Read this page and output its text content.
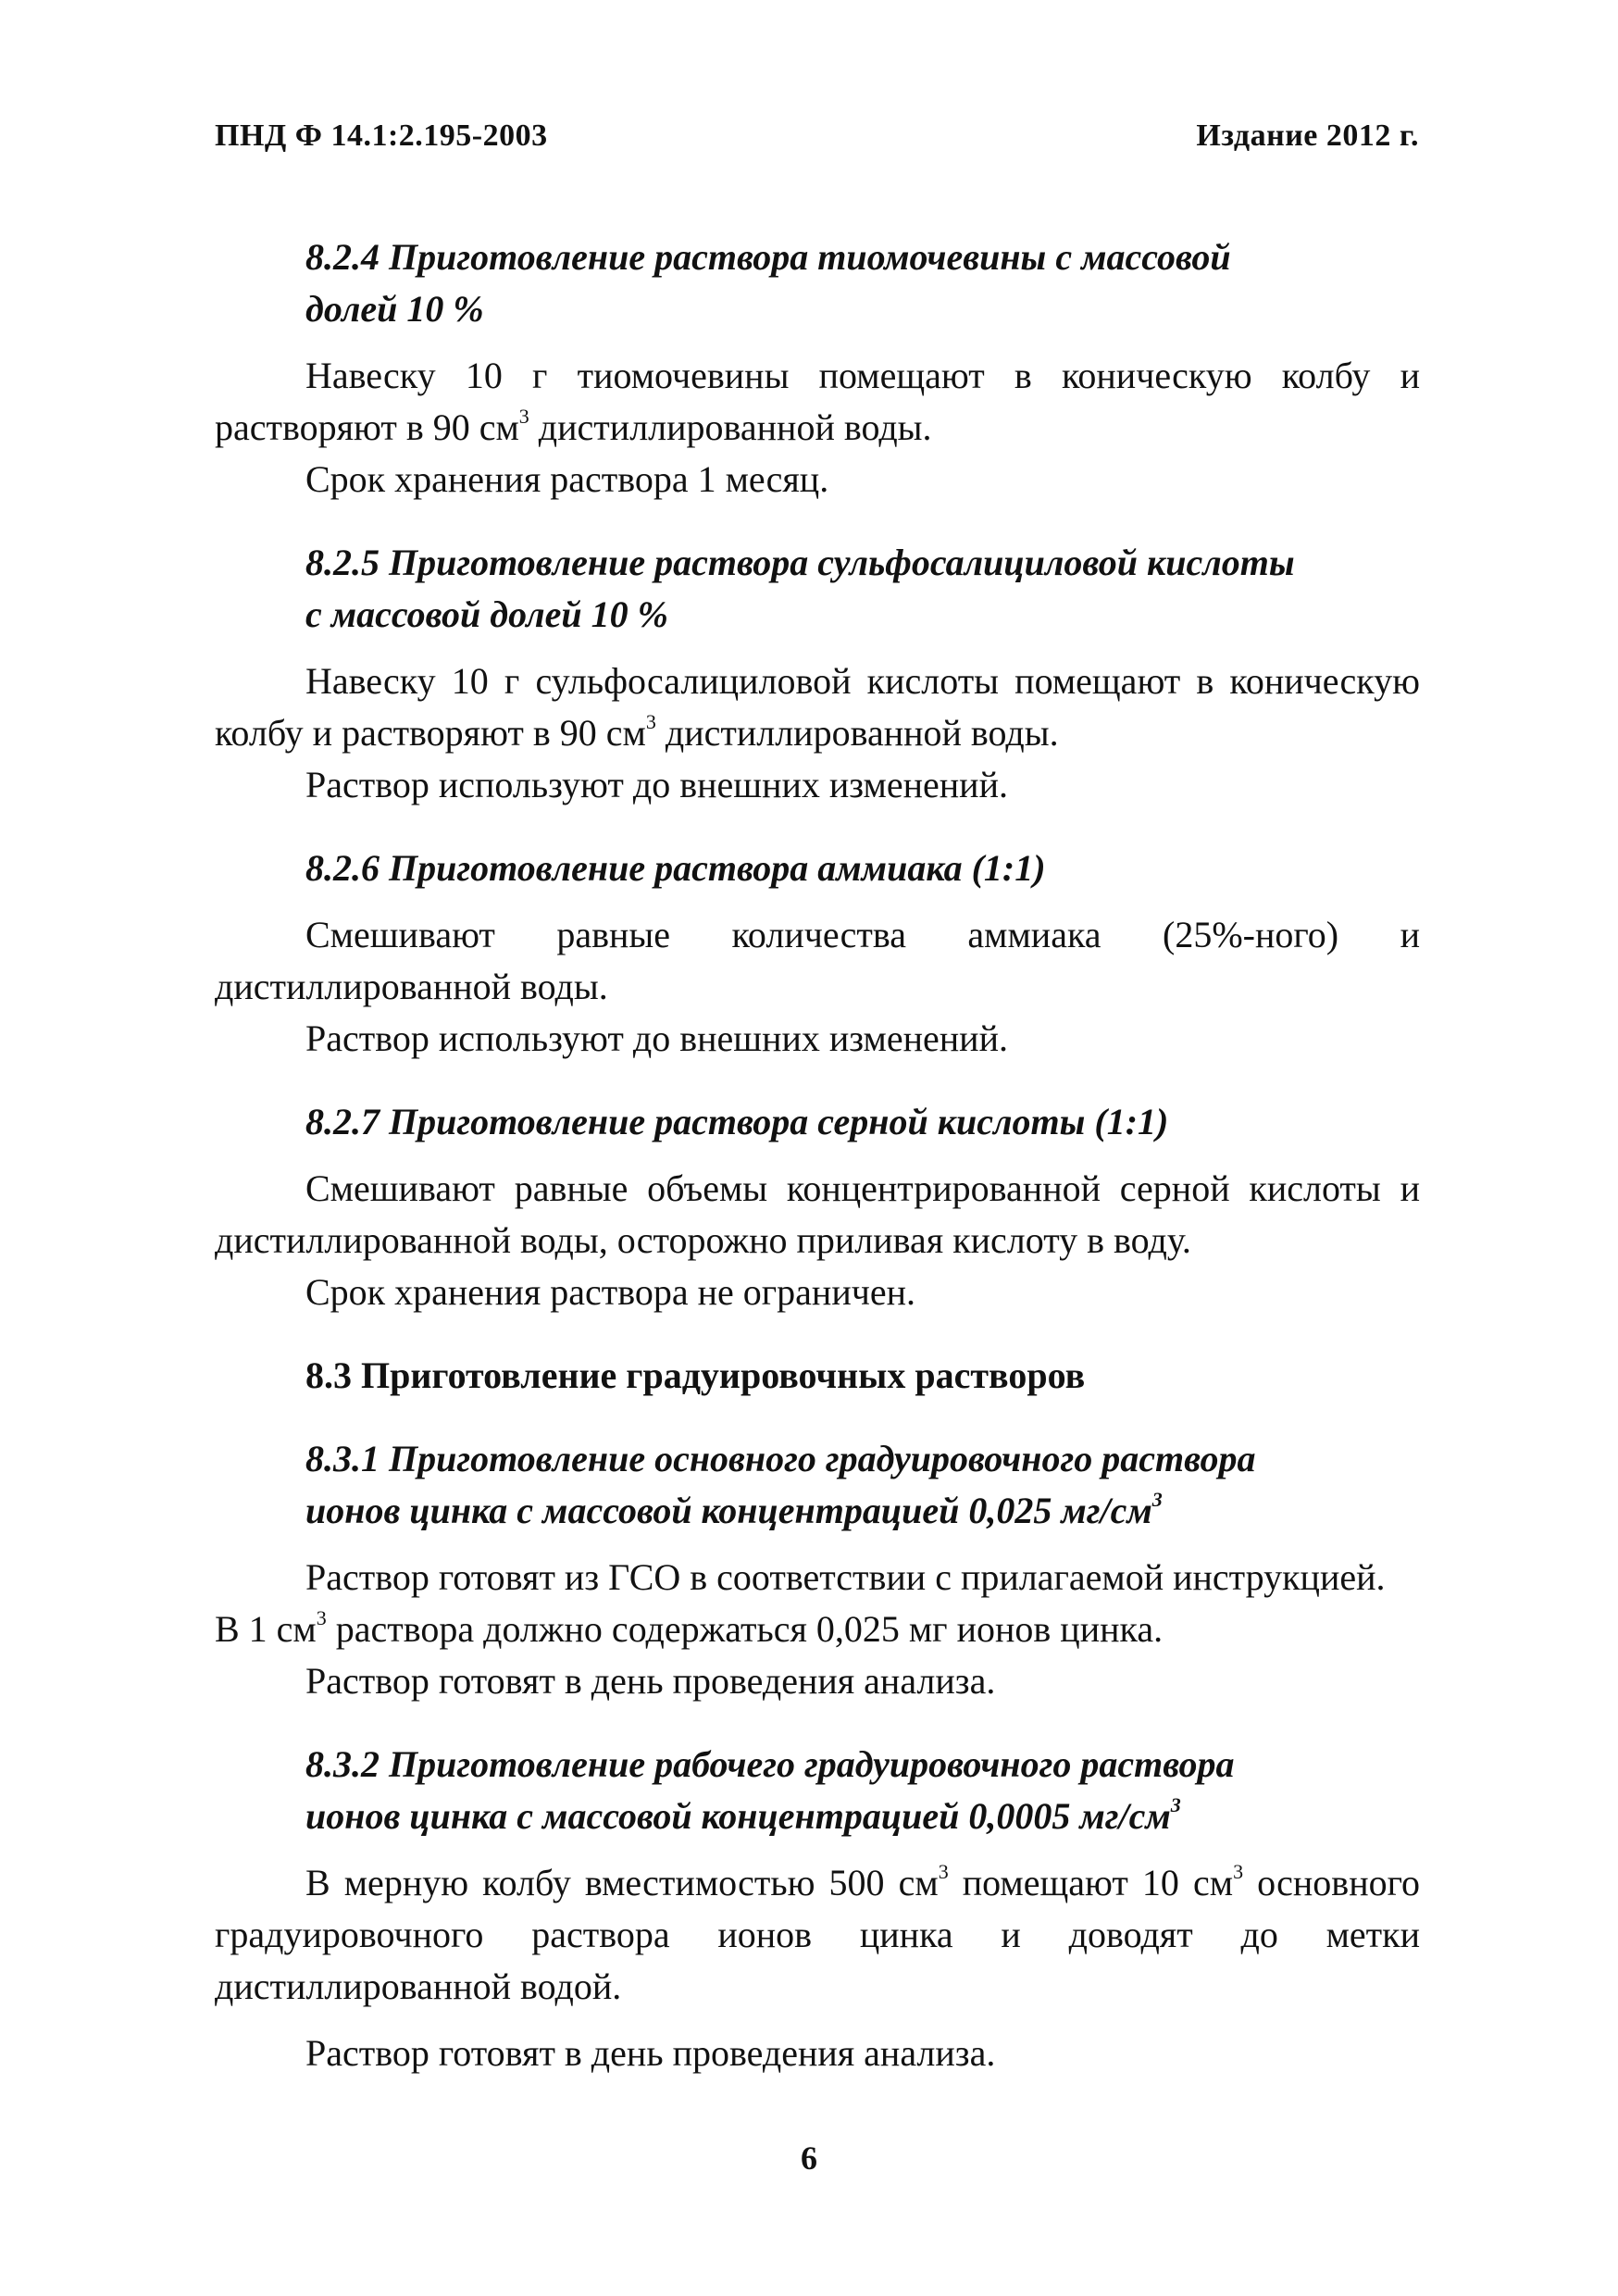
ПНД Ф 14.1:2.195-2003	Издание 2012 г.

8.2.4 Приготовление раствора тиомочевины с массовой
долей 10 %

Навеску 10 г тиомочевины помещают в коническую колбу и растворяют в 90 $см^3$ дистиллированной воды.

Срок хранения раствора 1 месяц.

8.2.5 Приготовление раствора сульфосалициловой кислоты
с массовой долей 10 %

Навеску 10 г сульфосалициловой кислоты помещают в коническую колбу и растворяют в 90 $см^3$ дистиллированной воды.

Раствор используют до внешних изменений.

8.2.6 Приготовление раствора аммиака (1:1)

Смешивают равные количества аммиака (25%-ного) и дистиллированной воды.

Раствор используют до внешних изменений.

8.2.7 Приготовление раствора серной кислоты (1:1)

Смешивают равные объемы концентрированной серной кислоты и дистиллированной воды, осторожно приливая кислоту в воду.

Срок хранения раствора не ограничен.

8.3 Приготовление градуировочных растворов

8.3.1 Приготовление основного градуировочного раствора
ионов цинка с массовой концентрацией 0,025 $мг/см^3$

Раствор готовят из ГСО в соответствии с прилагаемой инструкцией.

В 1 $см^3$ раствора должно содержаться 0,025 мг ионов цинка.

Раствор готовят в день проведения анализа.

8.3.2 Приготовление рабочего градуировочного раствора
ионов цинка с массовой концентрацией 0,0005 $мг/см^3$

В мерную колбу вместимостью 500 $см^3$ помещают 10 $см^3$ основного градуировочного раствора ионов цинка и доводят до метки дистиллированной водой.

Раствор готовят в день проведения анализа.

6
